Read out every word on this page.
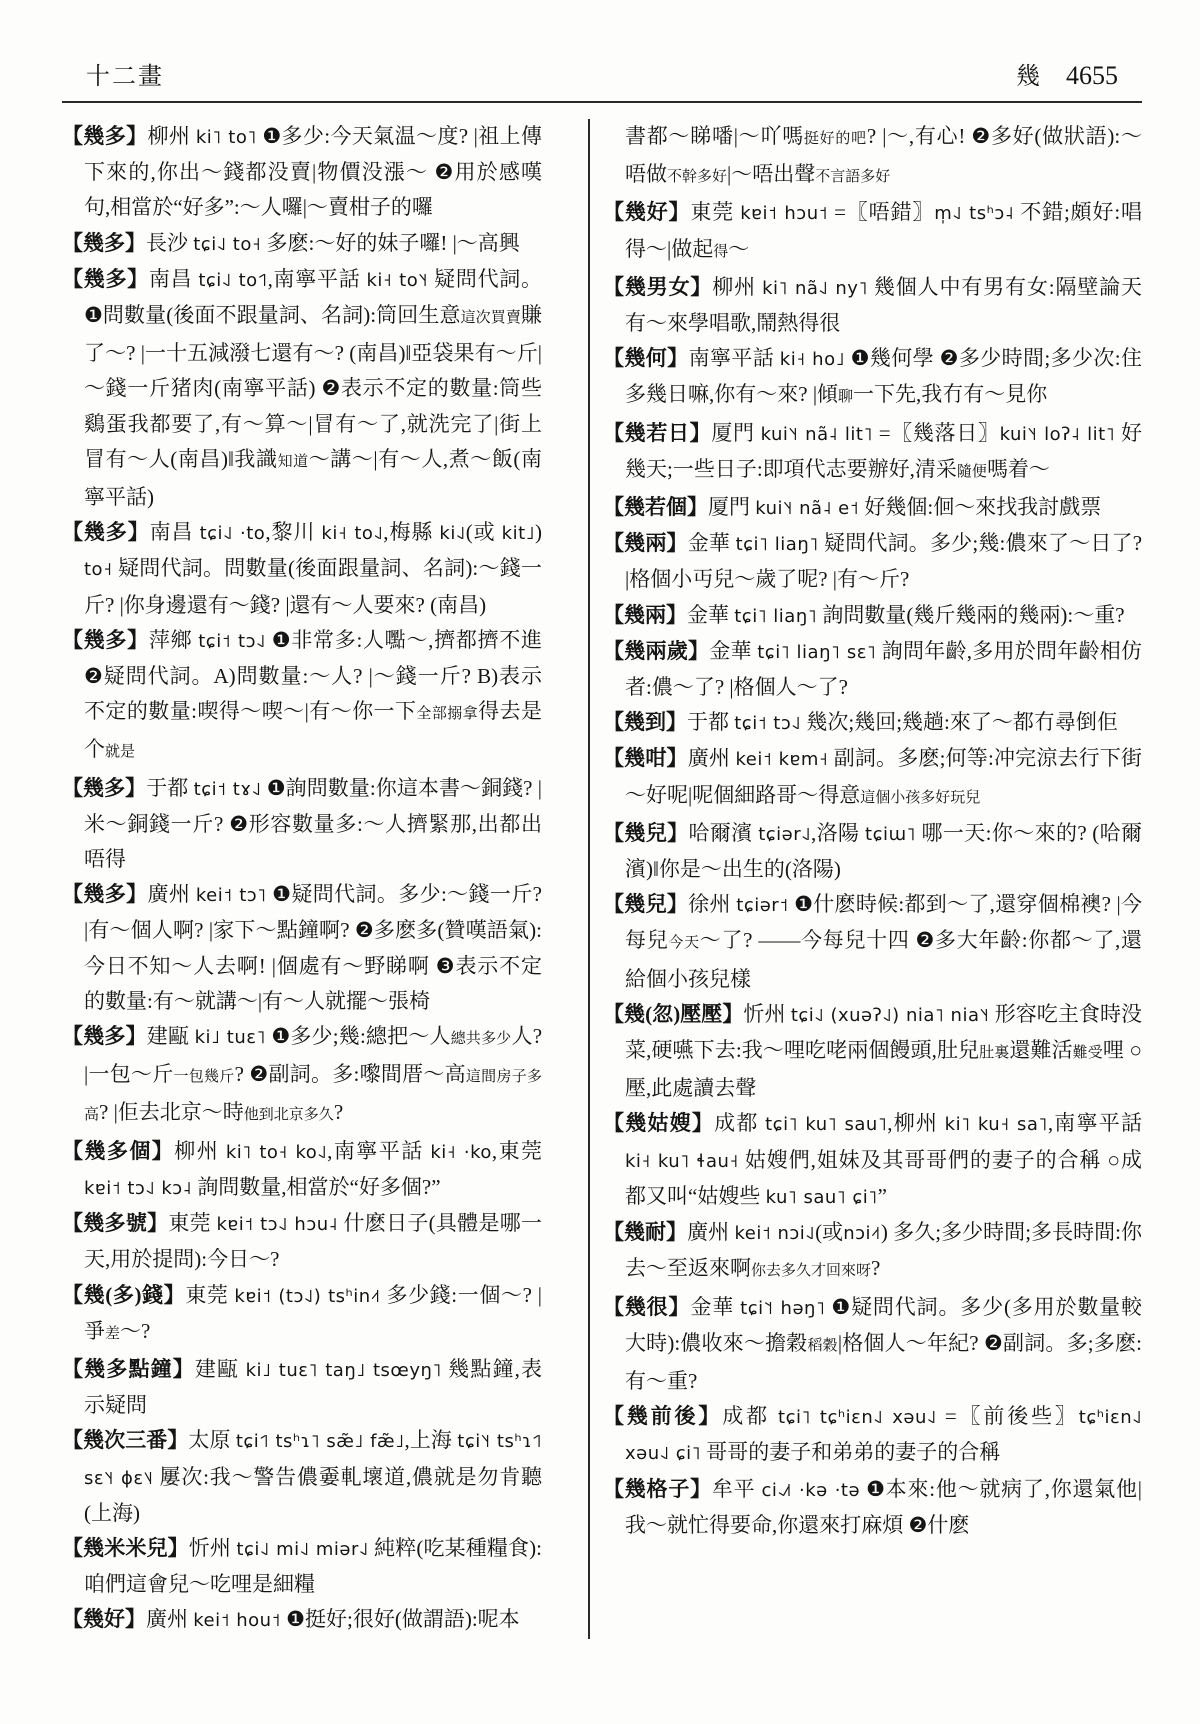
十二畫	幾 4655
【幾多】柳州 ki˥ to˥ ❶多少:今天氣温～度? |祖上傳下來的,你出～錢都没賣|物價没漲～ ❷用於感嘆句,相當於“好多”:～人囉|～賣柑子的囉
【幾多】長沙 tɕi˨˩ to˧ 多麽:～好的妹子囉! |～高興
【幾多】南昌 tɕi˨˩ to˦˥,南寧平話 ki˧ to˥˧ 疑問代詞。❶問數量(後面不跟量詞、名詞):筒回生意這次買賣賺了～? |一十五減潑七還有～? (南昌)‖亞袋果有～斤|～錢一斤猪肉(南寧平話) ❷表示不定的數量:筒些鷄蛋我都要了,有～算～|冒有～了,就洗完了|街上冒有～人(南昌)‖我識知道～講～|有～人,煮～飯(南寧平話)
【幾多】南昌 tɕi˨˩ ·to,黎川 ki˧ to˨˩,梅縣 ki˨˩(或 kit˩) to˧ 疑問代詞。問數量(後面跟量詞、名詞):～錢一斤? |你身邊還有～錢? |還有～人要來? (南昌)
【幾多】萍鄉 tɕi˦ tɔ˨˩ ❶非常多:人嚸～,擠都擠不進 ❷疑問代詞。A)問數量:～人? |～錢一斤? B)表示不定的數量:喫得～喫～|有～你一下全部搦拿得去是个就是
【幾多】于都 tɕi˦ tɤ˨˩ ❶詢問數量:你這本書～銅錢? |米～銅錢一斤? ❷形容數量多:～人擠緊那,出都出唔得
【幾多】廣州 kei˦ tɔ˥ ❶疑問代詞。多少:～錢一斤? |有～個人啊? |家下～點鐘啊? ❷多麽多(贊嘆語氣):今日不知～人去啊! |個處有～野睇啊 ❸表示不定的數量:有～就講～|有～人就擺～張椅
【幾多】建甌 ki˩ tuɛ˥ ❶多少;幾:總把～人總共多少人? |一包～斤一包幾斤? ❷副詞。多:嚟間厝～高這間房子多高? |佢去北京～時他到北京多久?
【幾多個】柳州 ki˥ to˧ ko˨˩,南寧平話 ki˧ ·ko,東莞 kɐi˦ tɔ˨˩ kɔ˨ 詢問數量,相當於“好多個?”
【幾多號】東莞 kɐi˦ tɔ˨˩ hɔu˨ 什麽日子(具體是哪一天,用於提問):今日～?
【幾(多)錢】東莞 kɐi˦ (tɔ˨˩) tsʰin˨˦ 多少錢:一個～? |爭差～?
【幾多點鐘】建甌 ki˩ tuɛ˥ taŋ˩ tsœyŋ˥ 幾點鐘,表示疑問
【幾次三番】太原 tɕi˦˥ tsʰɿ˥ sæ̃˩ fæ̃˩,上海 tɕi˥˧ tsʰɿ˦˥ sɛ˥˧ ɸɛ˥˨ 屢次:我～警告儂嫑軋壞道,儂就是勿肯聽(上海)
【幾米米兒】忻州 tɕi˨˩ mi˨˩ miər˨˩ 純粹(吃某種糧食):咱們這會兒～吃哩是細糧
【幾好】廣州 kei˦ hou˦ ❶挺好;很好(做謂語):呢本
書都～睇噃|～吖嗎挺好的吧? |～,有心! ❷多好(做狀語):～唔做不幹多好|～唔出聲不言語多好
【幾好】東莞 kɐi˦ hɔu˦ =〖唔錯〗m̩˨˩ tsʰɔ˨ 不錯;頗好:唱得～|做起得～
【幾男女】柳州 ki˥ nã˨˩ ny˥ 幾個人中有男有女:隔壁論天有～來學唱歌,鬧熱得很
【幾何】南寧平話 ki˧ ho˩ ❶幾何學 ❷多少時間;多少次:住多幾日嘛,你有～來? |傾聊一下先,我冇有～見你
【幾若日】厦門 kui˥˧ nã˨ lit˥ =〖幾落日〗kui˥˧ loʔ˨ lit˥ 好幾天;一些日子:即項代志要辦好,清采隨便嗎着～
【幾若個】厦門 kui˥˧ nã˨ e˦ 好幾個:佪～來找我討戲票
【幾兩】金華 tɕi˥ liaŋ˥ 疑問代詞。多少;幾:儂來了～日了? |格個小丏兒～歲了呢? |有～斤?
【幾兩】金華 tɕi˥ liaŋ˥ 詢問數量(幾斤幾兩的幾兩):～重?
【幾兩歲】金華 tɕi˥ liaŋ˥ sɛ˥ 詢問年齡,多用於問年齡相仿者:儂～了? |格個人～了?
【幾到】于都 tɕi˦ tɔ˨˩ 幾次;幾回;幾趟:來了～都冇尋倒佢
【幾咁】廣州 kei˦ kɐm˧ 副詞。多麽;何等:冲完涼去行下街～好呢|呢個細路哥～得意這個小孩多好玩兒
【幾兒】哈爾濱 tɕiər˨˩,洛陽 tɕiɯ˥ 哪一天:你～來的? (哈爾濱)‖你是～出生的(洛陽)
【幾兒】徐州 tɕiər˦ ❶什麽時候:都到～了,還穿個棉襖? |今每兒今天～了? ——今每兒十四 ❷多大年齡:你都～了,還給個小孩兒樣
【幾(忽)壓壓】忻州 tɕi˨˩ (xuəʔ˨˩) nia˥ nia˥˧ 形容吃主食時没菜,硬嚥下去:我～哩吃咾兩個饅頭,肚兒肚裏還難活難受哩 ○壓,此處讀去聲
【幾姑嫂】成都 tɕi˥ ku˥ sau˥,柳州 ki˥ ku˧ sa˥,南寧平話 ki˧ ku˥ ɬau˧ 姑嫂們,姐妹及其哥哥們的妻子的合稱 ○成都又叫“姑嫂些 ku˥ sau˥ ɕi˥”
【幾耐】廣州 kei˦ nɔi˨˩(或nɔi˨˦) 多久;多少時間;多長時間:你去～至返來啊你去多久才回來呀?
【幾很】金華 tɕi˥˦ həŋ˥ ❶疑問代詞。多少(多用於數量較大時):儂收來～擔穀稻穀|格個人～年紀? ❷副詞。多;多麽:有～重?
【幾前後】成都 tɕi˥ tɕʰiɛn˨˩ xəu˨˩ =〖前後些〗tɕʰiɛn˨˩ xəu˨˩ ɕi˥ 哥哥的妻子和弟弟的妻子的合稱
【幾格子】牟平 ci˨˩˦ ·kə ·tə ❶本來:他～就病了,你還氣他|我～就忙得要命,你還來打麻煩 ❷什麽
